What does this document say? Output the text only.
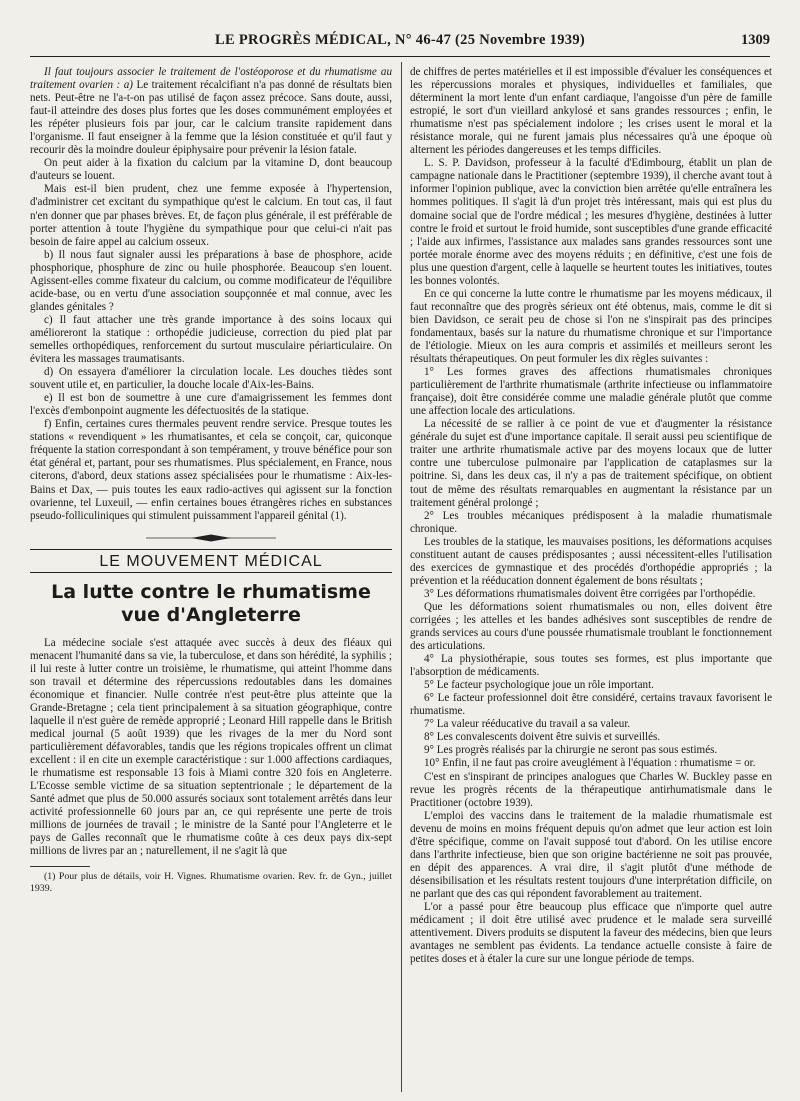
LE PROGRÈS MÉDICAL, N° 46-47 (25 Novembre 1939)	1309

Il faut toujours associer le traitement de l'ostéoporose et du rhumatisme au traitement ovarien : a) Le traitement récalcifiant n'a pas donné de résultats bien nets. Peut-être ne l'a-t-on pas utilisé de façon assez précoce. Sans doute, aussi, faut-il atteindre des doses plus fortes que les doses communément employées et les répéter plusieurs fois par jour, car le calcium transite rapidement dans l'organisme. Il faut enseigner à la femme que la lésion constituée et qu'il faut y recourir dès la moindre douleur épiphysaire pour prévenir la lésion fatale.

On peut aider à la fixation du calcium par la vitamine D, dont beaucoup d'auteurs se louent.

Mais est-il bien prudent, chez une femme exposée à l'hypertension, d'administrer cet excitant du sympathique qu'est le calcium. En tout cas, il faut n'en donner que par phases brèves. Et, de façon plus générale, il est préférable de porter attention à toute l'hygiène du sympathique pour que celui-ci n'ait pas besoin de faire appel au calcium osseux.

b) Il nous faut signaler aussi les préparations à base de phosphore, acide phosphorique, phosphure de zinc ou huile phosphorée. Beaucoup s'en louent. Agissent-elles comme fixateur du calcium, ou comme modificateur de l'équilibre acide-base, ou en vertu d'une association soupçonnée et mal connue, avec les glandes génitales ?

c) Il faut attacher une très grande importance à des soins locaux qui amélioreront la statique : orthopédie judicieuse, correction du pied plat par semelles orthopédiques, renforcement du surtout musculaire périarticulaire. On évitera les massages traumatisants.

d) On essayera d'améliorer la circulation locale. Les douches tièdes sont souvent utile et, en particulier, la douche locale d'Aix-les-Bains.

e) Il est bon de soumettre à une cure d'amaigrissement les femmes dont l'excès d'embonpoint augmente les défectuosités de la statique.

f) Enfin, certaines cures thermales peuvent rendre service. Presque toutes les stations « revendiquent » les rhumatisantes, et cela se conçoit, car, quiconque fréquente la station correspondant à son tempérament, y trouve bénéfice pour son état général et, partant, pour ses rhumatismes. Plus spécialement, en France, nous citerons, d'abord, deux stations assez spécialisées pour le rhumatisme : Aix-les-Bains et Dax, — puis toutes les eaux radio-actives qui agissent sur la fonction ovarienne, tel Luxeuil, — enfin certaines boues étrangères riches en substances pseudo-folliculiniques qui stimulent puissamment l'appareil génital (1).

LE MOUVEMENT MÉDICAL
La lutte contre le rhumatisme
vue d'Angleterre

La médecine sociale s'est attaquée avec succès à deux des fléaux qui menacent l'humanité dans sa vie, la tuberculose, et dans son hérédité, la syphilis ; il lui reste à lutter contre un troisième, le rhumatisme, qui atteint l'homme dans son travail et détermine des répercussions redoutables dans les domaines économique et financier. Nulle contrée n'est peut-être plus atteinte que la Grande-Bretagne ; cela tient principalement à sa situation géographique, contre laquelle il n'est guère de remède approprié ; Leonard Hill rappelle dans le British medical journal (5 août 1939) que les rivages de la mer du Nord sont particulièrement défavorables, tandis que les régions tropicales offrent un climat excellent : il en cite un exemple caractéristique : sur 1.000 affections cardiaques, le rhumatisme est responsable 13 fois à Miami contre 320 fois en Angleterre. L'Ecosse semble victime de sa situation septentrionale ; le département de la Santé admet que plus de 50.000 assurés sociaux sont totalement arrêtés dans leur activité professionnelle 60 jours par an, ce qui représente une perte de trois millions de journées de travail ; le ministre de la Santé pour l'Angleterre et le pays de Galles reconnaît que le rhumatisme coûte à ces deux pays dix-sept millions de livres par an ; naturellement, il ne s'agit là que

(1) Pour plus de détails, voir H. Vignes. Rhumatisme ovarien. Rev. fr. de Gyn., juillet 1939.

de chiffres de pertes matérielles et il est impossible d'évaluer les conséquences et les répercussions morales et physiques, individuelles et familiales, que déterminent la mort lente d'un enfant cardiaque, l'angoisse d'un père de famille estropié, le sort d'un vieillard ankylosé et sans grandes ressources ; enfin, le rhumatisme n'est pas spécialement indolore ; les crises usent le moral et la résistance morale, qui ne furent jamais plus nécessaires qu'à une époque où alternent les périodes dangereuses et les temps difficiles.

L. S. P. Davidson, professeur à la faculté d'Edimbourg, établit un plan de campagne nationale dans le Practitioner (septembre 1939), il cherche avant tout à informer l'opinion publique, avec la conviction bien arrêtée qu'elle entraînera les hommes politiques. Il s'agit là d'un projet très intéressant, mais qui est plus du domaine social que de l'ordre médical ; les mesures d'hygiène, destinées à lutter contre le froid et surtout le froid humide, sont susceptibles d'une grande efficacité ; l'aide aux infirmes, l'assistance aux malades sans grandes ressources sont une portée morale énorme avec des moyens réduits ; en définitive, c'est une fois de plus une question d'argent, celle à laquelle se heurtent toutes les initiatives, toutes les bonnes volontés.

En ce qui concerne la lutte contre le rhumatisme par les moyens médicaux, il faut reconnaître que des progrès sérieux ont été obtenus, mais, comme le dit si bien Davidson, ce serait peu de chose si l'on ne s'inspirait pas des principes fondamentaux, basés sur la nature du rhumatisme chronique et sur l'importance de l'étiologie. Mieux on les aura compris et assimilés et meilleurs seront les résultats thérapeutiques. On peut formuler les dix règles suivantes :

1° Les formes graves des affections rhumatismales chroniques particulièrement de l'arthrite rhumatismale (arthrite infectieuse ou inflammatoire française), doit être considérée comme une maladie générale plutôt que comme une affection locale des articulations.

La nécessité de se rallier à ce point de vue et d'augmenter la résistance générale du sujet est d'une importance capitale. Il serait aussi peu scientifique de traiter une arthrite rhumatismale active par des moyens locaux que de lutter contre une tuberculose pulmonaire par l'application de cataplasmes sur la poitrine. Si, dans les deux cas, il n'y a pas de traitement spécifique, on obtient tout de même des résultats remarquables en augmentant la résistance par un traitement général prolongé ;

2° Les troubles mécaniques prédisposent à la maladie rhumatismale chronique.

Les troubles de la statique, les mauvaises positions, les déformations acquises constituent autant de causes prédisposantes ; aussi nécessitent-elles l'utilisation des exercices de gymnastique et des procédés d'orthopédie appropriés ; la prévention et la rééducation donnent également de bons résultats ;

3° Les déformations rhumatismales doivent être corrigées par l'orthopédie.

Que les déformations soient rhumatismales ou non, elles doivent être corrigées ; les attelles et les bandes adhésives sont susceptibles de rendre de grands services au cours d'une poussée rhumatismale troublant le fonctionnement des articulations.

4° La physiothérapie, sous toutes ses formes, est plus importante que l'absorption de médicaments.

5° Le facteur psychologique joue un rôle important.

6° Le facteur professionnel doit être considéré, certains travaux favorisent le rhumatisme.

7° La valeur rééducative du travail a sa valeur.

8° Les convalescents doivent être suivis et surveillés.

9° Les progrès réalisés par la chirurgie ne seront pas sous estimés.

10° Enfin, il ne faut pas croire aveuglément à l'équation : rhumatisme = or.

C'est en s'inspirant de principes analogues que Charles W. Buckley passe en revue les progrès récents de la thérapeutique antirhumatismale dans le Practitioner (octobre 1939).

L'emploi des vaccins dans le traitement de la maladie rhumatismale est devenu de moins en moins fréquent depuis qu'on admet que leur action est loin d'être spécifique, comme on l'avait supposé tout d'abord. On les utilise encore dans l'arthrite infectieuse, bien que son origine bactérienne ne soit pas prouvée, en dépit des apparences. A vrai dire, il s'agit plutôt d'une méthode de désensibilisation et les résultats restent toujours d'une interprétation difficile, on ne parlant que des cas qui répondent favorablement au traitement.

L'or a passé pour être beaucoup plus efficace que n'importe quel autre médicament ; il doit être utilisé avec prudence et le malade sera surveillé attentivement. Divers produits se disputent la faveur des médecins, bien que leurs avantages ne semblent pas évidents. La tendance actuelle consiste à faire de petites doses et à étaler la cure sur une longue période de temps.
